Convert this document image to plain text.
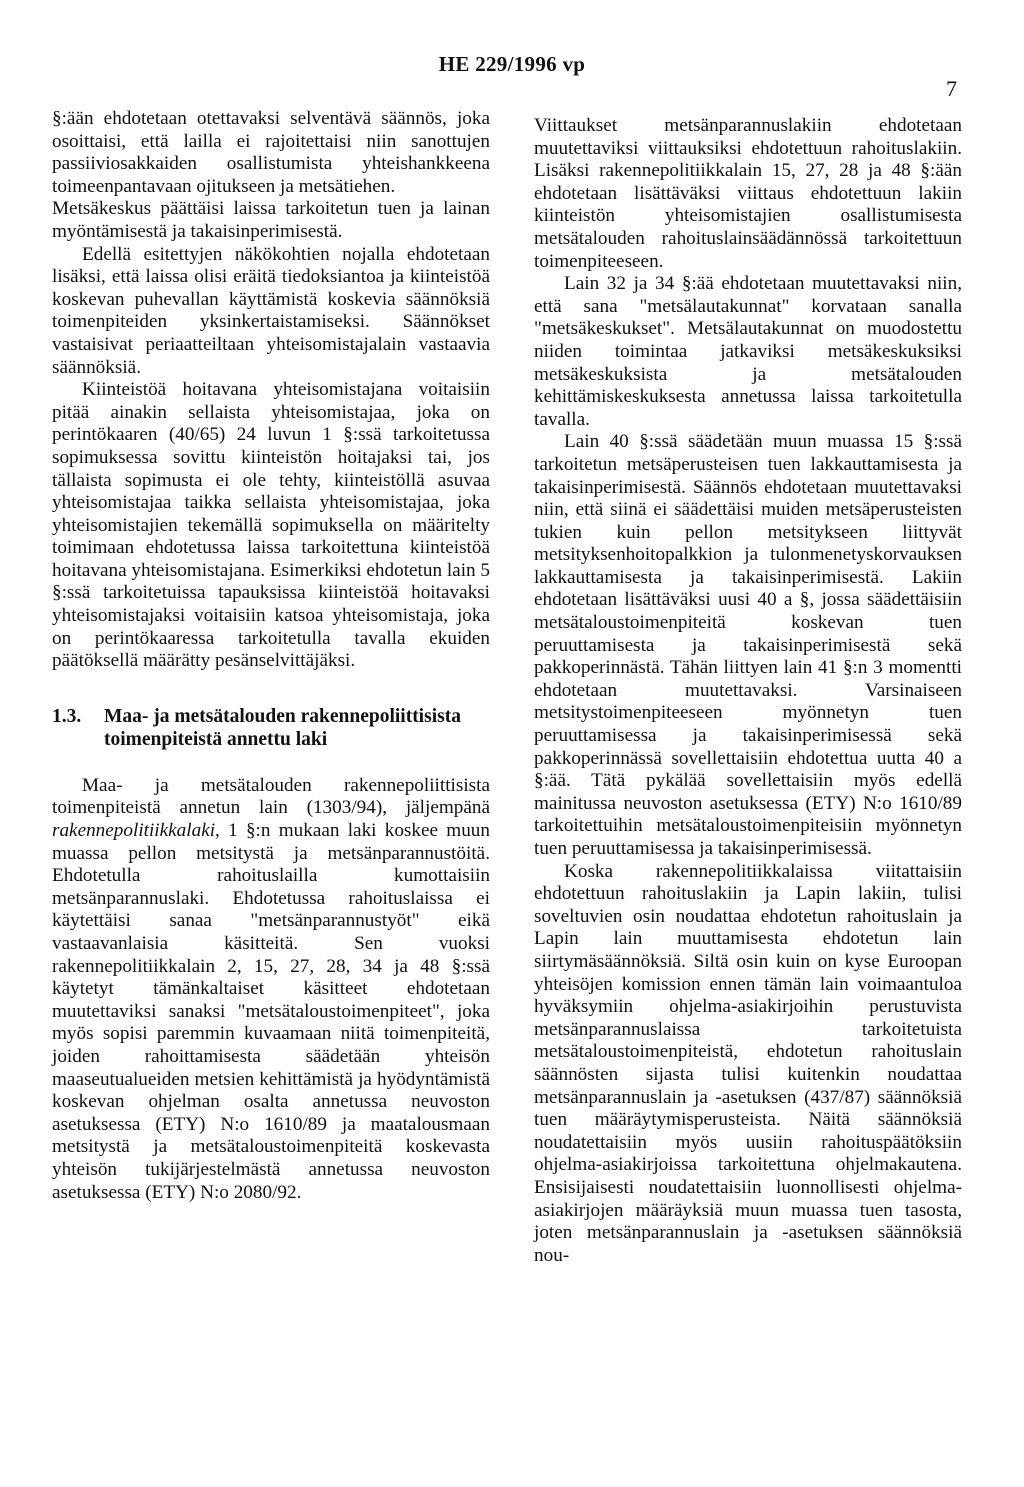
HE 229/1996 vp
7

§:ään ehdotetaan otettavaksi selventävä säännös, joka osoittaisi, että lailla ei rajoitettaisi niin sanottujen passiiviosakkaiden osallistumista yhteishankkeena toimeenpantavaan ojitukseen ja metsätiehen.

Metsäkeskus päättäisi laissa tarkoitetun tuen ja lainan myöntämisestä ja takaisinperimisestä.

Edellä esitettyjen näkökohtien nojalla ehdotetaan lisäksi, että laissa olisi eräitä tiedoksiantoa ja kiinteistöä koskevan puhevallan käyttämistä koskevia säännöksiä toimenpiteiden yksinkertaistamiseksi. Säännökset vastaisivat periaatteiltaan yhteisomistajalain vastaavia säännöksiä.

Kiinteistöä hoitavana yhteisomistajana voitaisiin pitää ainakin sellaista yhteisomistajaa, joka on perintökaaren (40/65) 24 luvun 1 §:ssä tarkoitetussa sopimuksessa sovittu kiinteistön hoitajaksi tai, jos tällaista sopimusta ei ole tehty, kiinteistöllä asuvaa yhteisomistajaa taikka sellaista yhteisomistajaa, joka yhteisomistajien tekemällä sopimuksella on määritelty toimimaan ehdotetussa laissa tarkoitettuna kiinteistöä hoitavana yhteisomistajana. Esimerkiksi ehdotetun lain 5 §:ssä tarkoitetuissa tapauksissa kiinteistöä hoitavaksi yhteisomistajaksi voitaisiin katsoa yhteisomistaja, joka on perintökaaressa tarkoitetulla tavalla ekuiden päätöksellä määrätty pesänselvittäjäksi.

1.3.	Maa- ja metsätalouden rakennepoliittisista toimenpiteistä annettu laki

Maa- ja metsätalouden rakennepoliittisista toimenpiteistä annetun lain (1303/94), jäljempänä rakennepolitiikkalaki, 1 §:n mukaan laki koskee muun muassa pellon metsitystä ja metsänparannustöitä. Ehdotetulla rahoituslailla kumottaisiin metsänparannuslaki. Ehdotetussa rahoituslaissa ei käytettäisi sanaa "metsänparannustyöt" eikä vastaavanlaisia käsitteitä. Sen vuoksi rakennepolitiikkalain 2, 15, 27, 28, 34 ja 48 §:ssä käytetyt tämänkaltaiset käsitteet ehdotetaan muutettaviksi sanaksi "metsätaloustoimenpiteet", joka myös sopisi paremmin kuvaamaan niitä toimenpiteitä, joiden rahoittamisesta säädetään yhteisön maaseutualueiden metsien kehittämistä ja hyödyntämistä koskevan ohjelman osalta annetussa neuvoston asetuksessa (ETY) N:o 1610/89 ja maatalousmaan metsitystä ja metsätaloustoimenpiteitä koskevasta yhteisön tukijärjestelmästä annetussa neuvoston asetuksessa (ETY) N:o 2080/92.

Viittaukset metsänparannuslakiin ehdotetaan muutettaviksi viittauksiksi ehdotettuun rahoituslakiin. Lisäksi rakennepolitiikkalain 15, 27, 28 ja 48 §:ään ehdotetaan lisättäväksi viittaus ehdotettuun lakiin kiinteistön yhteisomistajien osallistumisesta metsätalouden rahoituslainsäädännössä tarkoitettuun toimenpiteeseen.

Lain 32 ja 34 §:ää ehdotetaan muutettavaksi niin, että sana "metsälautakunnat" korvataan sanalla "metsäkeskukset". Metsälautakunnat on muodostettu niiden toimintaa jatkaviksi metsäkeskuksiksi metsäkeskuksista ja metsätalouden kehittämiskeskuksesta annetussa laissa tarkoitetulla tavalla.

Lain 40 §:ssä säädetään muun muassa 15 §:ssä tarkoitetun metsäperusteisen tuen lakkauttamisesta ja takaisinperimisestä. Säännös ehdotetaan muutettavaksi niin, että siinä ei säädettäisi muiden metsäperusteisten tukien kuin pellon metsitykseen liittyvät metsityksenhoitopalkkion ja tulonmenetyskorvauksen lakkauttamisesta ja takaisinperimisestä. Lakiin ehdotetaan lisättäväksi uusi 40 a §, jossa säädettäisiin metsätaloustoimenpiteitä koskevan tuen peruuttamisesta ja takaisinperimisestä sekä pakkoperinnästä. Tähän liittyen lain 41 §:n 3 momentti ehdotetaan muutettavaksi. Varsinaiseen metsitystoimenpiteeseen myönnetyn tuen peruuttamisessa ja takaisinperimisessä sekä pakkoperinnässä sovellettaisiin ehdotettua uutta 40 a §:ää. Tätä pykälää sovellettaisiin myös edellä mainitussa neuvoston asetuksessa (ETY) N:o 1610/89 tarkoitettuihin metsätaloustoimenpiteisiin myönnetyn tuen peruuttamisessa ja takaisinperimisessä.

Koska rakennepolitiikkalaissa viitattaisiin ehdotettuun rahoituslakiin ja Lapin lakiin, tulisi soveltuvien osin noudattaa ehdotetun rahoituslain ja Lapin lain muuttamisesta ehdotetun lain siirtymäsäännöksiä. Siltä osin kuin on kyse Euroopan yhteisöjen komission ennen tämän lain voimaantuloa hyväksymiin ohjelma-asiakirjoihin perustuvista metsänparannuslaissa tarkoitetuista metsätaloustoimenpiteistä, ehdotetun rahoituslain säännösten sijasta tulisi kuitenkin noudattaa metsänparannuslain ja -asetuksen (437/87) säännöksiä tuen määräytymisperusteista. Näitä säännöksiä noudatettaisiin myös uusiin rahoituspäätöksiin ohjelma-asiakirjoissa tarkoitettuna ohjelmakautena. Ensisijaisesti noudatettaisiin luonnollisesti ohjelma-asiakirjojen määräyksiä muun muassa tuen tasosta, joten metsänparannuslain ja -asetuksen säännöksiä nou-
